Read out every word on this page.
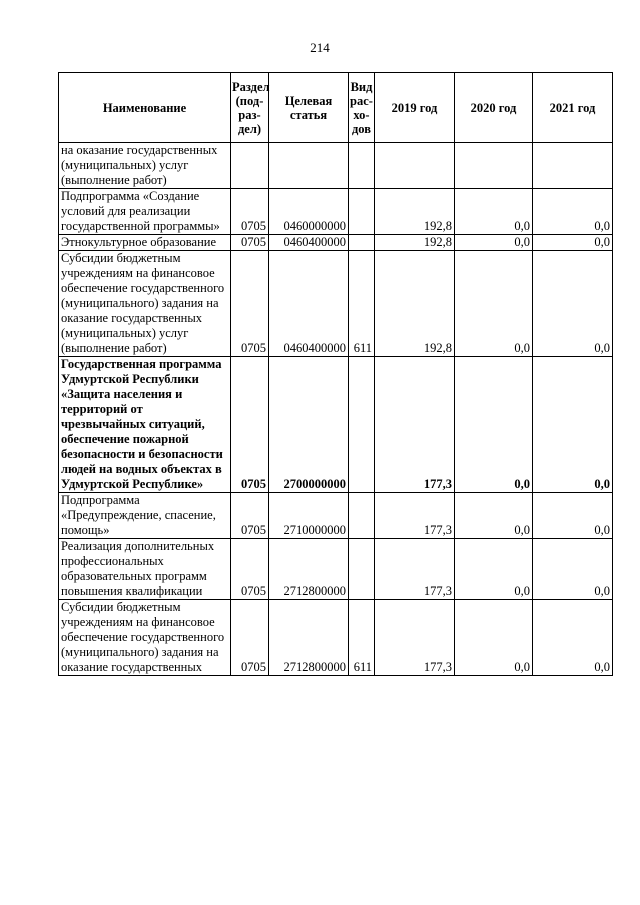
214
Наименование	Раздел (под-раз-дел)	Целевая статья	Вид рас-хо-дов	2019 год	2020 год	2021 год
на оказание государственных (муниципальных) услуг (выполнение работ)						
Подпрограмма «Создание условий для реализации государственной программы»	0705	0460000000		192,8	0,0	0,0
Этнокультурное образование	0705	0460400000		192,8	0,0	0,0
Субсидии бюджетным учреждениям на финансовое обеспечение государственного (муниципального) задания на оказание государственных (муниципальных) услуг (выполнение работ)	0705	0460400000	611	192,8	0,0	0,0
Государственная программа Удмуртской Республики «Защита населения и территорий от чрезвычайных ситуаций, обеспечение пожарной безопасности и безопасности людей на водных объектах в Удмуртской Республике»	0705	2700000000		177,3	0,0	0,0
Подпрограмма «Предупреждение, спасение, помощь»	0705	2710000000		177,3	0,0	0,0
Реализация дополнительных профессиональных образовательных программ повышения квалификации	0705	2712800000		177,3	0,0	0,0
Субсидии бюджетным учреждениям на финансовое обеспечение государственного (муниципального) задания на оказание государственных	0705	2712800000	611	177,3	0,0	0,0
